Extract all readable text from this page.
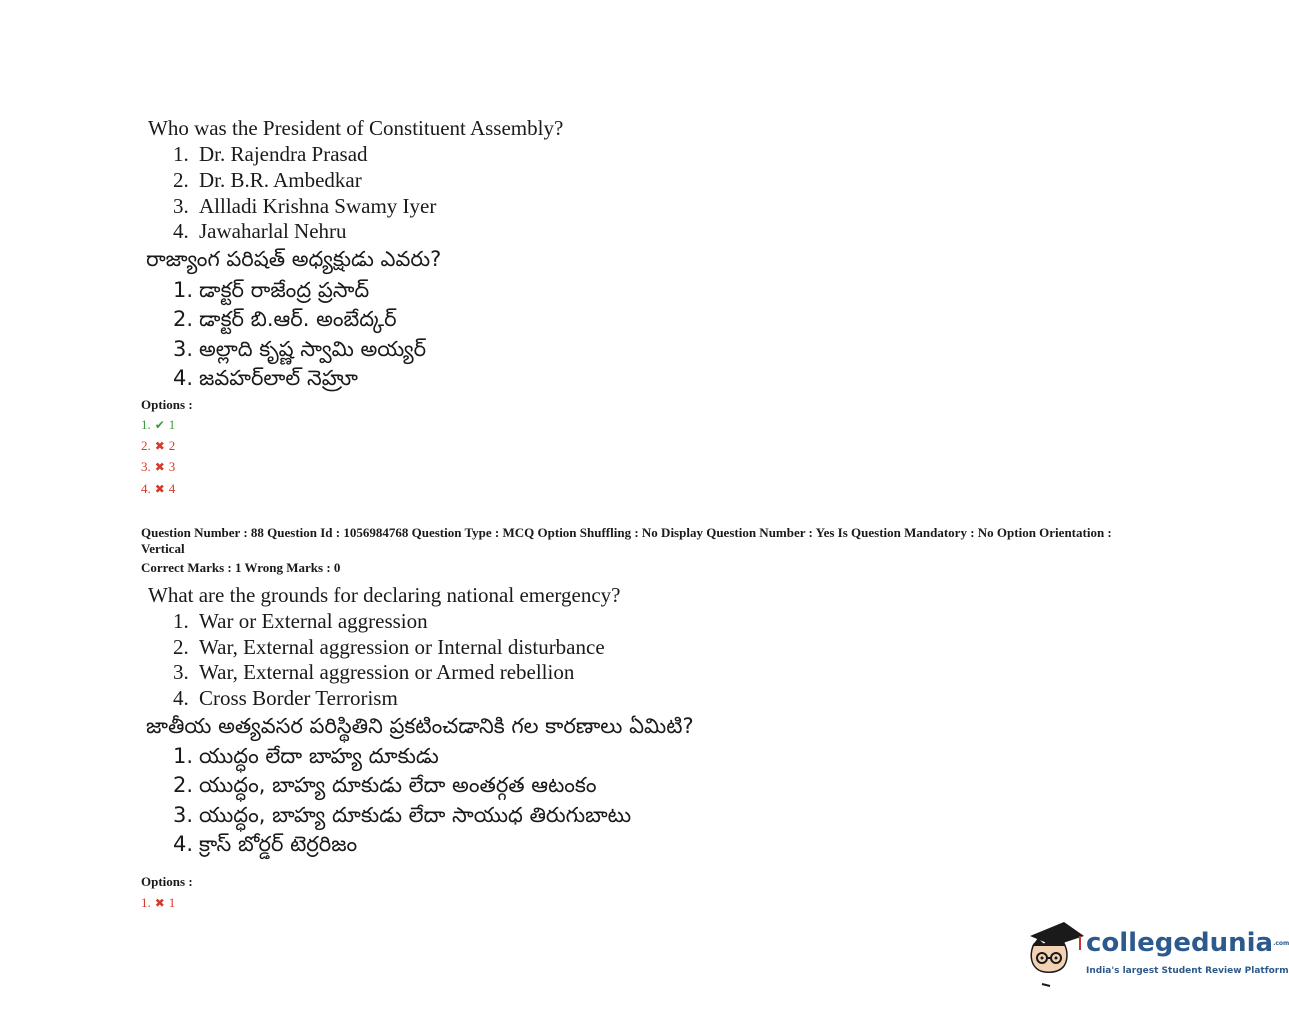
Who was the President of Constituent Assembly?
1. Dr. Rajendra Prasad
2. Dr. B.R. Ambedkar
3. Allladi Krishna Swamy Iyer
4. Jawaharlal Nehru
రాజ్యాంగ పరిషత్ అధ్యక్షుడు ఎవరు?
1. డాక్టర్ రాజేంద్ర ప్రసాద్
2. డాక్టర్ బి.ఆర్. అంబేద్కర్
3. అల్లాది కృష్ణ స్వామి అయ్యర్
4. జవహర్‌లాల్ నెహ్రూ
Options :
1. ✔ 1
2. ✖ 2
3. ✖ 3
4. ✖ 4
Question Number : 88 Question Id : 1056984768 Question Type : MCQ Option Shuffling : No Display Question Number : Yes Is Question Mandatory : No Option Orientation : Vertical
Correct Marks : 1 Wrong Marks : 0
What are the grounds for declaring national emergency?
1. War or External aggression
2. War, External aggression or Internal disturbance
3. War, External aggression or Armed rebellion
4. Cross Border Terrorism
జాతీయ అత్యవసర పరిస్థితిని ప్రకటించడానికి గల కారణాలు ఏమిటి?
1. యుద్ధం లేదా బాహ్య దూకుడు
2. యుద్ధం, బాహ్య దూకుడు లేదా అంతర్గత ఆటంకం
3. యుద్ధం, బాహ్య దూకుడు లేదా సాయుధ తిరుగుబాటు
4. క్రాస్ బోర్డర్ టెర్రరిజం
Options :
1. ✖ 1
collegedunia.com
India's largest Student Review Platform
